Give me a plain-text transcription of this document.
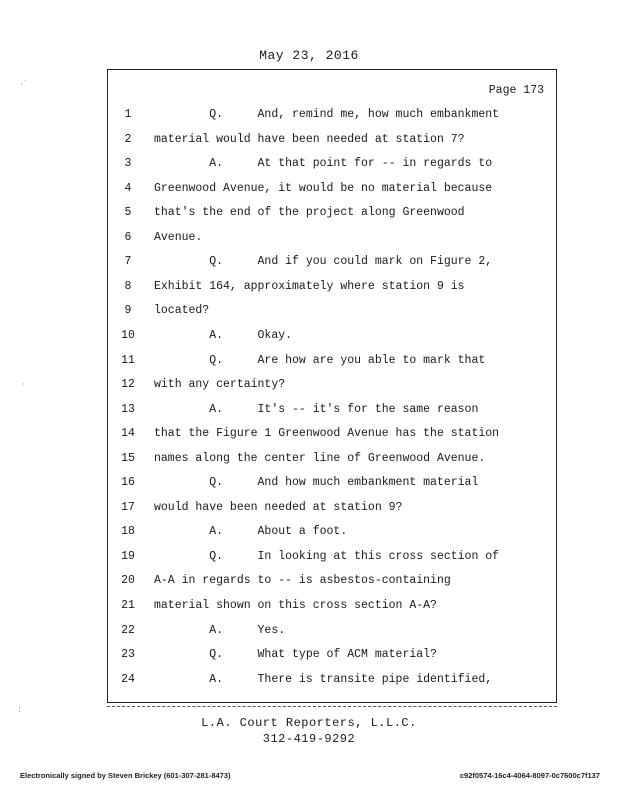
May 23, 2016
Page 173
1	Q.     And, remind me, how much embankment
2	material would have been needed at station 7?
3	A.     At that point for -- in regards to
4	Greenwood Avenue, it would be no material because
5	that's the end of the project along Greenwood
6	Avenue.
7	Q.     And if you could mark on Figure 2,
8	Exhibit 164, approximately where station 9 is
9	located?
10	A.     Okay.
11	Q.     Are how are you able to mark that
12	with any certainty?
13	A.     It's -- it's for the same reason
14	that the Figure 1 Greenwood Avenue has the station
15	names along the center line of Greenwood Avenue.
16	Q.     And how much embankment material
17	would have been needed at station 9?
18	A.     About a foot.
19	Q.     In looking at this cross section of
20	A-A in regards to -- is asbestos-containing
21	material shown on this cross section A-A?
22	A.     Yes.
23	Q.     What type of ACM material?
24	A.     There is transite pipe identified,
L.A. Court Reporters, L.L.C.
312-419-9292
Electronically signed by Steven Brickey (601-307-281-8473)	c92f0574-16c4-4064-8097-0c7600c7f137
·˙
·
:
